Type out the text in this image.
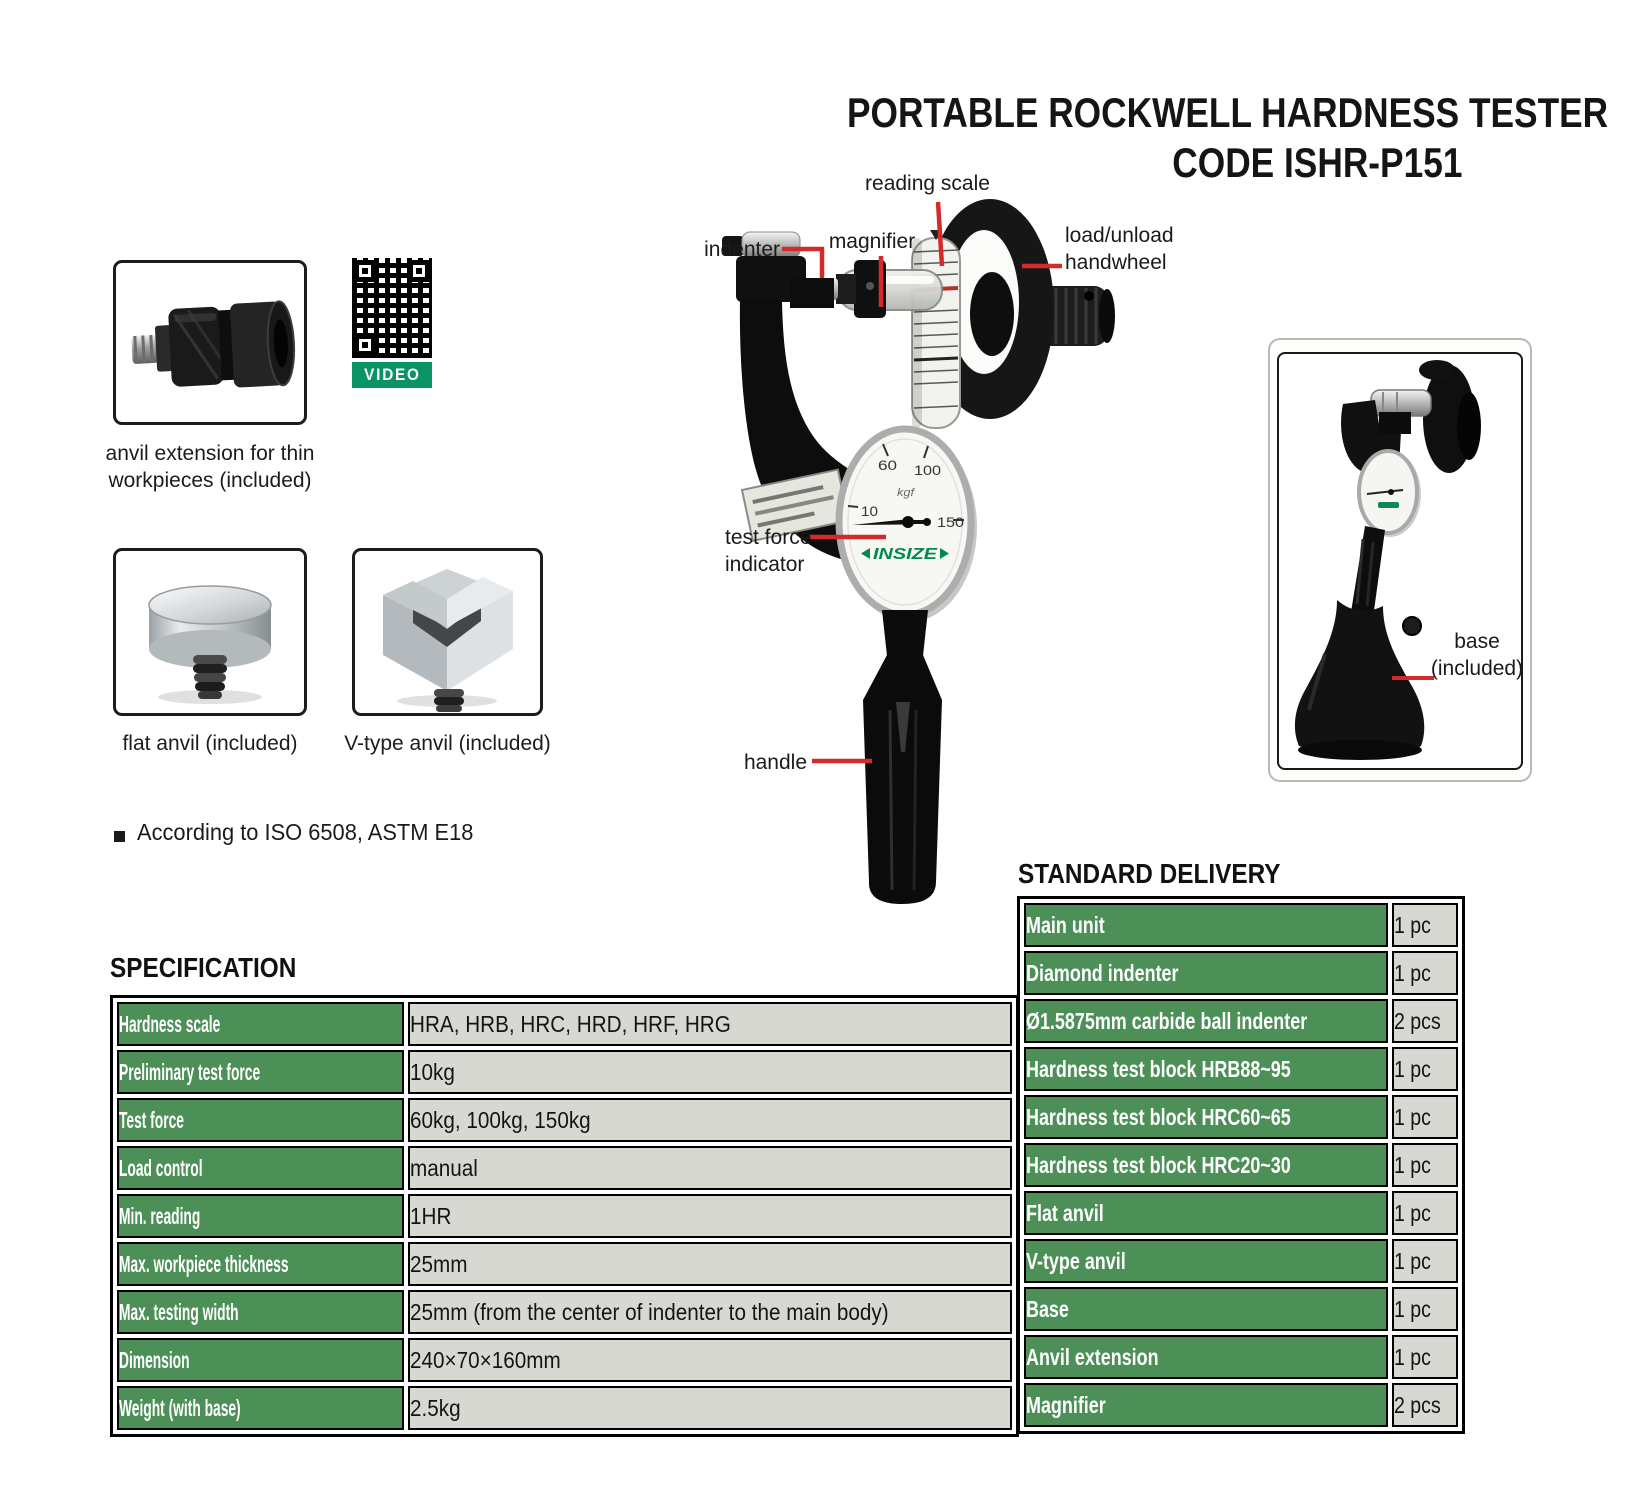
PORTABLE ROCKWELL HARDNESS TESTER
CODE ISHR-P151
anvil extension for thin workpieces (included)
VIDEO
flat anvil (included)	V-type anvil (included)
According to ISO 6508, ASTM E18
60 100
10
150
kgf
INSIZE
reading scale
magnifier
indenter
load/unload handwheel
test force indicator
handle
base (included)
SPECIFICATION
Hardness scale	HRA, HRB, HRC, HRD, HRF, HRG
Preliminary test force	10kg
Test force	60kg, 100kg, 150kg
Load control	manual
Min. reading	1HR
Max. workpiece thickness	25mm
Max. testing width	25mm (from the center of indenter to the main body)
Dimension	240×70×160mm
Weight (with base)	2.5kg
STANDARD DELIVERY
Main unit	1 pc
Diamond indenter	1 pc
Ø1.5875mm carbide ball indenter	2 pcs
Hardness test block HRB88~95	1 pc
Hardness test block HRC60~65	1 pc
Hardness test block HRC20~30	1 pc
Flat anvil	1 pc
V-type anvil	1 pc
Base	1 pc
Anvil extension	1 pc
Magnifier	2 pcs
